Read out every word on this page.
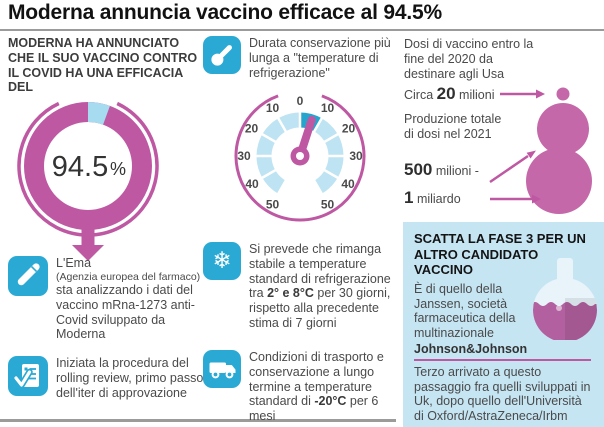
Moderna annuncia vaccino efficace al 94.5%
MODERNA HA ANNUNCIATO CHE IL SUO VACCINO CONTRO IL COVID HA UNA EFFICACIA DEL
94.5 %
L'Ema
(Agenzia europea del farmaco)
sta analizzando i dati del vaccino mRna-1273 anti-Covid sviluppato da Moderna
Iniziata la procedura del rolling review, primo passo dell'iter di approvazione
Durata conservazione più lunga a "temperature di refrigerazione"
0
10
20
30
40
50
10
20
30
40
50
❄ Si prevede che rimanga stabile a temperature standard di refrigerazione tra 2° e 8°C per 30 giorni, rispetto alla precedente stima di 7 giorni
Condizioni di trasporto e conservazione a lungo termine a temperature standard di -20°C per 6 mesi
Dosi di vaccino entro la fine del 2020 da destinare agli Usa
Circa 20 milioni
Produzione totale di dosi nel 2021
500 milioni -
1 miliardo
SCATTA LA FASE 3 PER UN ALTRO CANDIDATO VACCINO
È di quello della Janssen, società farmaceutica della multinazionale
Johnson&Johnson
Terzo arrivato a questo passaggio fra quelli sviluppati in Uk, dopo quello dell'Università di Oxford/AstraZeneca/Irbm
